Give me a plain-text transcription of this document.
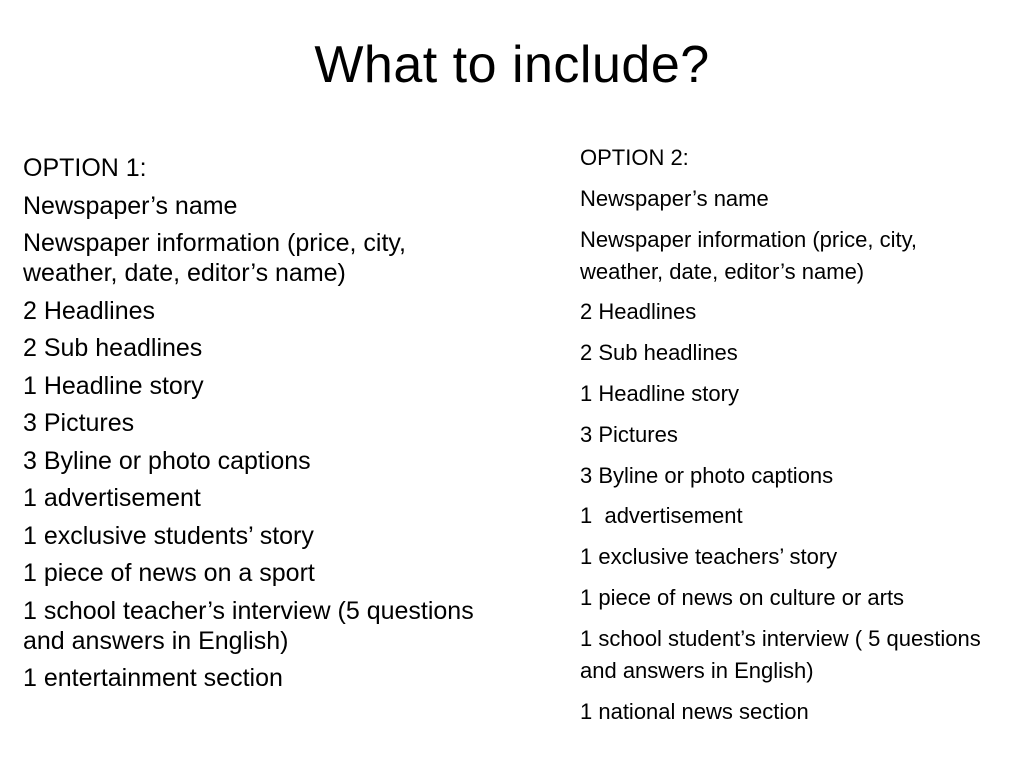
What to include?
OPTION 1:
Newspaper’s name
Newspaper information (price, city, weather, date, editor’s name)
2 Headlines
2 Sub headlines
1 Headline story
3 Pictures
3 Byline or photo captions
1 advertisement
1 exclusive students’ story
1 piece of news on a sport
1 school teacher’s interview (5 questions and answers in English)
1 entertainment section
OPTION 2:
Newspaper’s name
Newspaper information (price, city, weather, date, editor’s name)
2 Headlines
2 Sub headlines
1 Headline story
3 Pictures
3 Byline or photo captions
1  advertisement
1 exclusive teachers’ story
1 piece of news on culture or arts
1 school student’s interview ( 5 questions and answers in English)
1 national news section
